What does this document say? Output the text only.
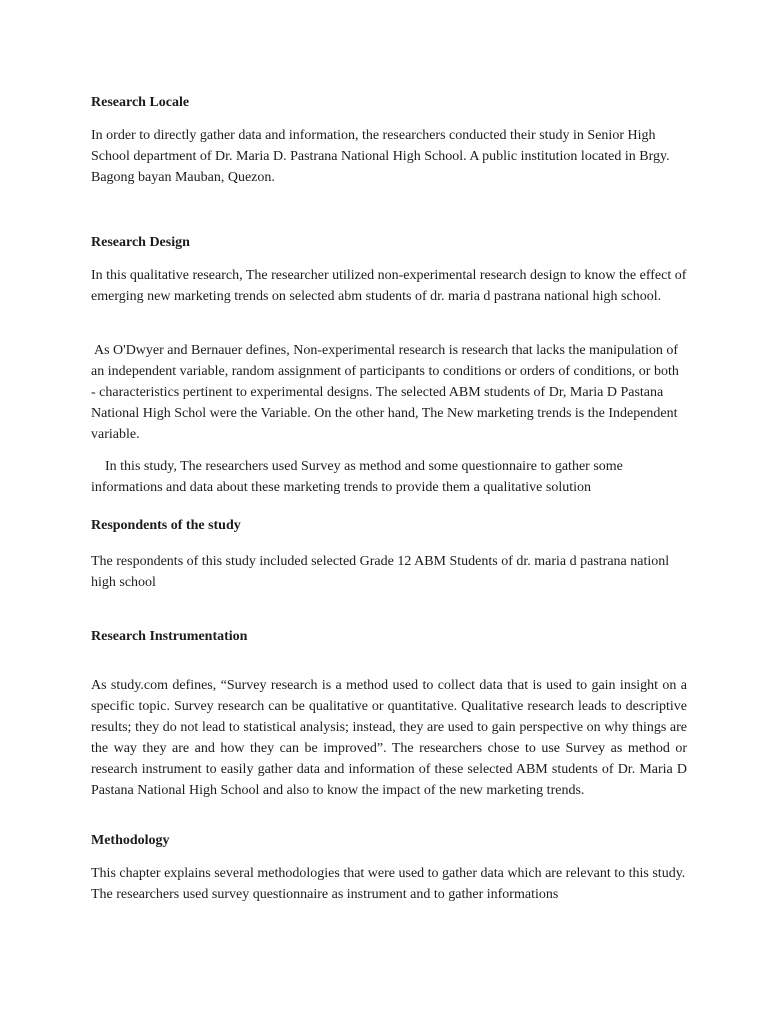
Research Locale

In order to directly gather data and information, the researchers conducted their study in Senior High School department of Dr. Maria D. Pastrana National High School. A public institution located in Brgy. Bagong bayan Mauban, Quezon.

Research Design

In this qualitative research, The researcher utilized non-experimental research design to know the effect of emerging new marketing trends on selected abm students of dr. maria d pastrana national high school.

As O'Dwyer and Bernauer defines, Non-experimental research is research that lacks the manipulation of an independent variable, random assignment of participants to conditions or orders of conditions, or both - characteristics pertinent to experimental designs. The selected ABM students of Dr, Maria D Pastana National High Schol were the Variable. On the other hand, The New marketing trends is the Independent variable.

In this study, The researchers used Survey as method and some questionnaire to gather some informations and data about these marketing trends to provide them a qualitative solution

Respondents of the study

The respondents of this study included selected Grade 12 ABM Students of dr. maria d pastrana nationl

high school

Research Instrumentation

As study.com defines, “Survey research is a method used to collect data that is used to gain insight on a specific topic. Survey research can be qualitative or quantitative. Qualitative research leads to descriptive results; they do not lead to statistical analysis; instead, they are used to gain perspective on why things are the way they are and how they can be improved”. The researchers chose to use Survey as method or research instrument to easily gather data and information of these selected ABM students of Dr. Maria D Pastana National High School and also to know the impact of the new marketing trends.

Methodology

This chapter explains several methodologies that were used to gather data which are relevant to this study. The researchers used survey questionnaire as instrument and to gather informations
